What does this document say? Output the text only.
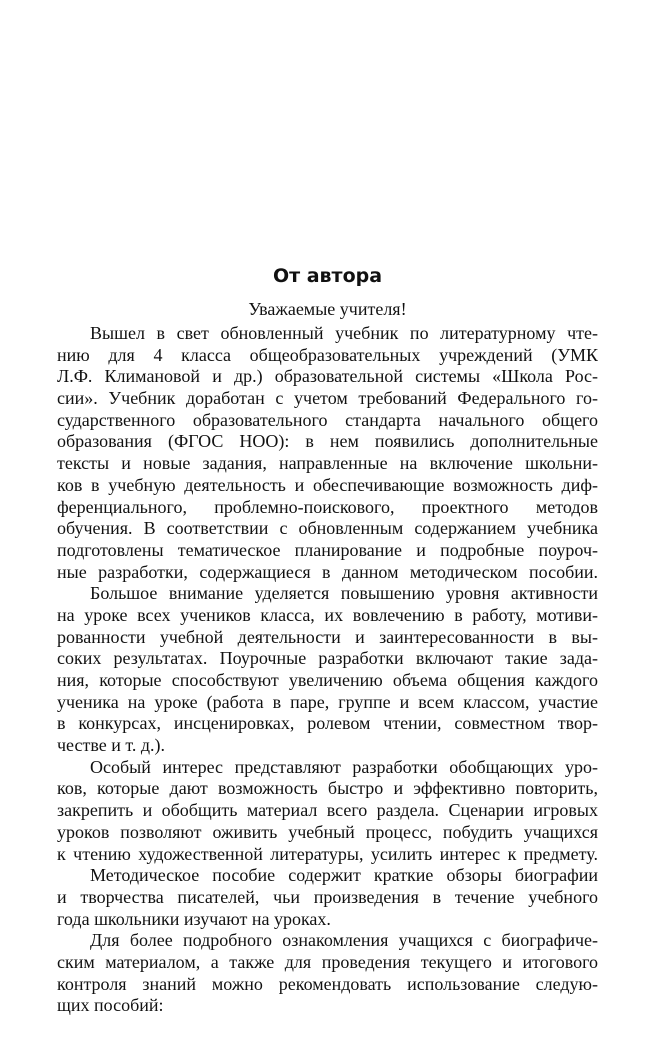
От автора

Уважаемые учителя!

Вышел в свет обновленный учебник по литературному чте-
нию для 4 класса общеобразовательных учреждений (УМК
Л.Ф. Климановой и др.) образовательной системы «Школа Рос-
сии». Учебник доработан с учетом требований Федерального го-
сударственного образовательного стандарта начального общего
образования (ФГОС НОО): в нем появились дополнительные
тексты и новые задания, направленные на включение школьни-
ков в учебную деятельность и обеспечивающие возможность диф-
ференциального, проблемно-поискового, проектного методов
обучения. В соответствии с обновленным содержанием учебника
подготовлены тематическое планирование и подробные поуроч-
ные разработки, содержащиеся в данном методическом пособии.
Большое внимание уделяется повышению уровня активности
на уроке всех учеников класса, их вовлечению в работу, мотиви-
рованности учебной деятельности и заинтересованности в вы-
соких результатах. Поурочные разработки включают такие зада-
ния, которые способствуют увеличению объема общения каждого
ученика на уроке (работа в паре, группе и всем классом, участие
в конкурсах, инсценировках, ролевом чтении, совместном твор-
честве и т. д.).
Особый интерес представляют разработки обобщающих уро-
ков, которые дают возможность быстро и эффективно повторить,
закрепить и обобщить материал всего раздела. Сценарии игровых
уроков позволяют оживить учебный процесс, побудить учащихся
к чтению художественной литературы, усилить интерес к предмету.
Методическое пособие содержит краткие обзоры биографии
и творчества писателей, чьи произведения в течение учебного
года школьники изучают на уроках.
Для более подробного ознакомления учащихся с биографиче-
ским материалом, а также для проведения текущего и итогового
контроля знаний можно рекомендовать использование следую-
щих пособий:
